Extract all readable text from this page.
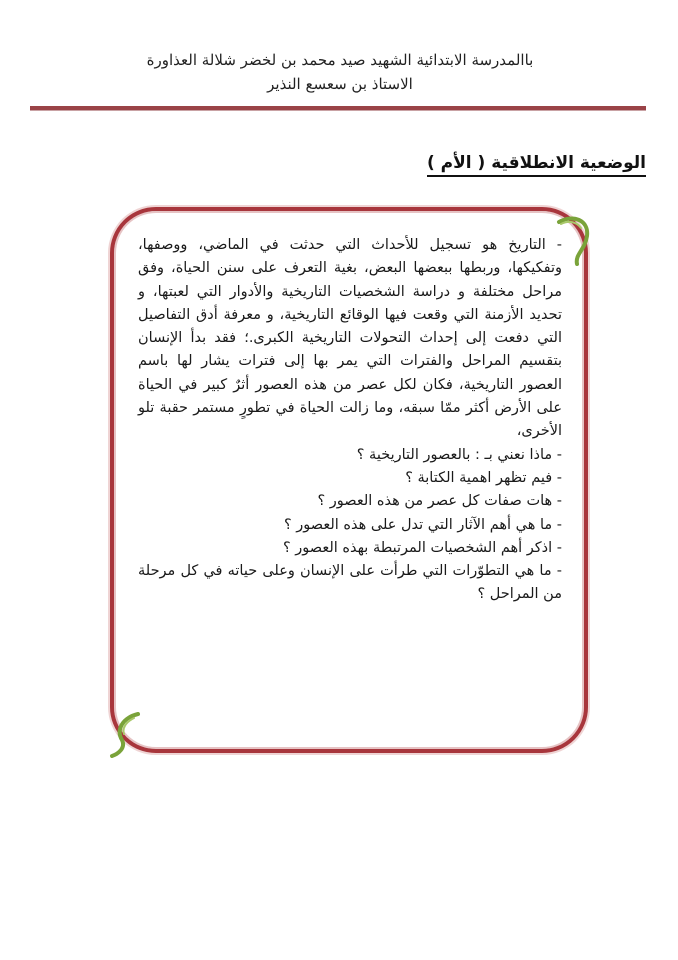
باالمدرسة الابتدائية الشهيد صيد محمد بن لخضر شلالة العذاورة
الاستاذ بن سعسع النذير
الوضعية الانطلاقية ( الأم )

- التاريخ هو تسجيل للأحداث التي حدثت في الماضي، ووصفها، وتفكيكها، وربطها ببعضها البعض، بغية التعرف على سنن الحياة، وفق مراحل مختلفة و دراسة الشخصيات التاريخية والأدوار التي لعبتها، و تحديد الأزمنة التي وقعت فيها الوقائع التاريخية، و معرفة أدق التفاصيل التي دفعت إلى إحداث التحولات التاريخية الكبرى.؛ فقد بدأ الإنسان بتقسيم المراحل والفترات التي يمر بها إلى فترات يشار لها باسم العصور التاريخية، فكان لكل عصر من هذه العصور أثرٌ كبير في الحياة على الأرض أكثر ممّا سبقه، وما زالت الحياة في تطورٍ مستمر حقبة تلو الأخرى،

- ماذا نعني بـ : بالعصور التاريخية ؟

- فيم تظهر اهمية الكتابة ؟

- هات صفات كل عصر من هذه العصور ؟

- ما هي أهم الآثار التي تدل على هذه العصور ؟

- اذكر أهم الشخصيات المرتبطة بهذه العصور ؟

- ما هي التطوّرات التي طرأت على الإنسان وعلى حياته في كل مرحلة من المراحل ؟
